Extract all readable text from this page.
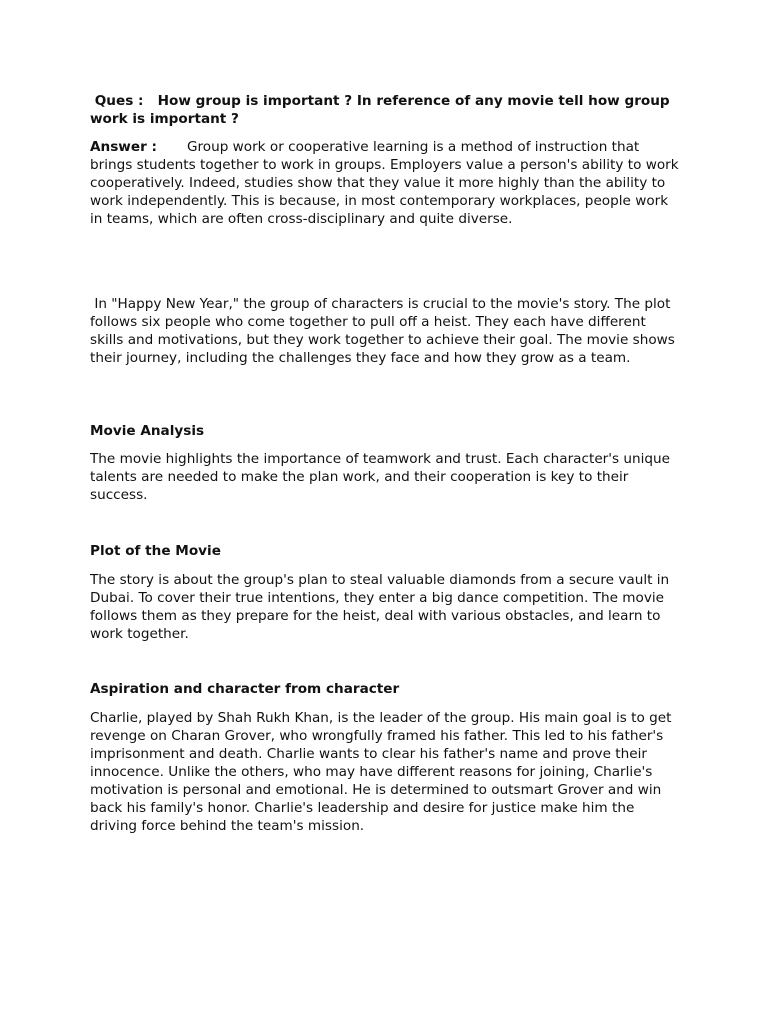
Ques : How group is important ? In reference of any movie tell how group work is important ?

Answer : Group work or cooperative learning is a method of instruction that brings students together to work in groups. Employers value a person's ability to work cooperatively. Indeed, studies show that they value it more highly than the ability to work independently. This is because, in most contemporary workplaces, people work in teams, which are often cross-disciplinary and quite diverse.

In "Happy New Year," the group of characters is crucial to the movie's story. The plot follows six people who come together to pull off a heist. They each have different skills and motivations, but they work together to achieve their goal. The movie shows their journey, including the challenges they face and how they grow as a team.

Movie Analysis

The movie highlights the importance of teamwork and trust. Each character's unique talents are needed to make the plan work, and their cooperation is key to their success.

Plot of the Movie

The story is about the group's plan to steal valuable diamonds from a secure vault in Dubai. To cover their true intentions, they enter a big dance competition. The movie follows them as they prepare for the heist, deal with various obstacles, and learn to work together.

Aspiration and character from character

Charlie, played by Shah Rukh Khan, is the leader of the group. His main goal is to get revenge on Charan Grover, who wrongfully framed his father. This led to his father's imprisonment and death. Charlie wants to clear his father's name and prove their innocence. Unlike the others, who may have different reasons for joining, Charlie's motivation is personal and emotional. He is determined to outsmart Grover and win back his family's honor. Charlie's leadership and desire for justice make him the driving force behind the team's mission.
